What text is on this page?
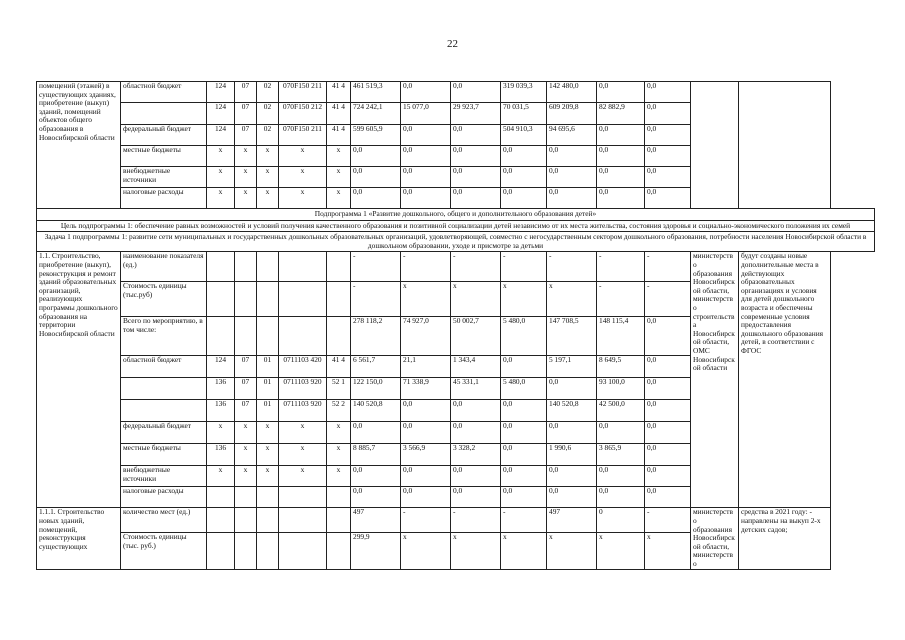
22
помещений (этажей) в существующих зданиях, приобретение (выкуп) зданий, помещений объектов общего образования в Новосибирской области	областной бюджет	124	07	02	070F150 211	41 4	461 519,3	0,0	0,0	319 039,3	142 480,0	0,0	0,0		
		124	07	02	070F150 212	41 4	724 242,1	15 077,0	29 923,7	70 031,5	609 209,8	82 882,9	0,0		
	федеральный бюджет	124	07	02	070F150 211	41 4	599 605,9	0,0	0,0	504 910,3	94 695,6	0,0	0,0		
	местные бюджеты	x	x	x	x	x	0,0	0,0	0,0	0,0	0,0	0,0	0,0		
	внебюджетные источники	x	x	x	x	x	0,0	0,0	0,0	0,0	0,0	0,0	0,0		
	налоговые расходы	x	x	x	x	x	0,0	0,0	0,0	0,0	0,0	0,0	0,0		
Подпрограмма 1 «Развитие дошкольного, общего и дополнительного образования детей»															
Цель подпрограммы 1: обеспечение равных возможностей и условий получения качественного образования и позитивной социализации детей независимо от их места жительства, состояния здоровья и социально-экономического положения их семей															
Задача 1 подпрограммы 1: развитие сети муниципальных и государственных дошкольных образовательных организаций, удовлетворяющей, совместно с негосударственным сектором дошкольного образования, потребности населения Новосибирской области в дошкольном образовании, уходе и присмотре за детьми															
1.1. Строительство, приобретение (выкуп), реконструкция и ремонт зданий образовательных организаций, реализующих программы дошкольного образования на территории Новосибирской области	наименование показателя (ед.)						-	-	-	-	-	-	-	министерство образования Новосибирской области, министерство строительства Новосибирской области, ОМС Новосибирской области	будут созданы новые дополнительные места в действующих образовательных организациях и условия для детей дошкольного возраста и обеспечены современные условия предоставления дошкольного образования детей, в соответствии с ФГОС
	Стоимость единицы (тыс.руб)						-	x	x	x	x	-	-		
	Всего по мероприятию, в том числе:						278 118,2	74 927,0	50 002,7	5 480,0	147 708,5	148 115,4	0,0		
	областной бюджет	124	07	01	0711103 420	41 4	6 561,7	21,1	1 343,4	0,0	5 197,1	8 649,5	0,0		
		136	07	01	0711103 920	52 1	122 150,0	71 338,9	45 331,1	5 480,0	0,0	93 100,0	0,0		
		136	07	01	0711103 920	52 2	140 520,8	0,0	0,0	0,0	140 520,8	42 500,0	0,0		
	федеральный бюджет	x	x	x	x	x	0,0	0,0	0,0	0,0	0,0	0,0	0,0		
	местные бюджеты	136	x	x	x	x	8 885,7	3 566,9	3 328,2	0,0	1 990,6	3 865,9	0,0		
	внебюджетные источники	x	x	x	x	x	0,0	0,0	0,0	0,0	0,0	0,0	0,0		
	налоговые расходы						0,0	0,0	0,0	0,0	0,0	0,0	0,0		
1.1.1. Строительство новых зданий, помещений, реконструкция существующих	количество мест (ед.)						497	-	-	-	497	0	-	министерство образования Новосибирской области, министерство	средства в 2021 году: - направлены на выкуп 2-х детских садов;
	Стоимость единицы (тыс. руб.)						299,9	x	x	x	x	x	x		
